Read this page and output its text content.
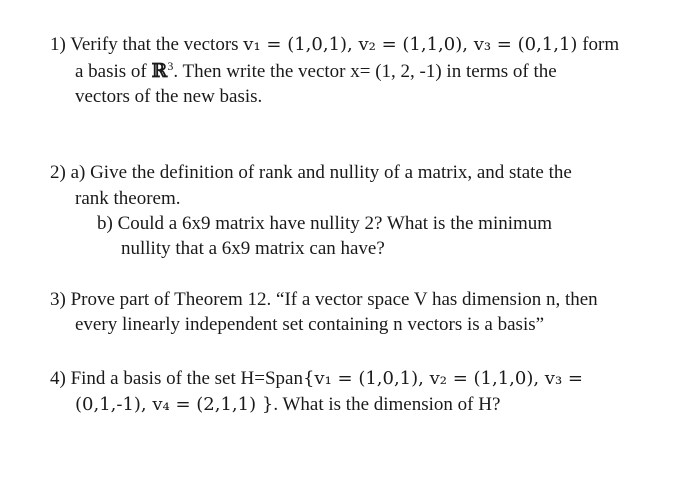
1) Verify that the vectors v₁ = (1,0,1), v₂ = (1,1,0), v₃ = (0,1,1) form
a basis of ℝ$^3$. Then write the vector x= (1, 2, -1) in terms of the
vectors of the new basis.
2) a) Give the definition of rank and nullity of a matrix, and state the
rank theorem.
b) Could a 6x9 matrix have nullity 2? What is the minimum
nullity that a 6x9 matrix can have?
3) Prove part of Theorem 12. “If a vector space V has dimension n, then
every linearly independent set containing n vectors is a basis”
4) Find a basis of the set H=Span{v₁ = (1,0,1), v₂ = (1,1,0), v₃ =
(0,1,-1), v₄ = (2,1,1) }. What is the dimension of H?
